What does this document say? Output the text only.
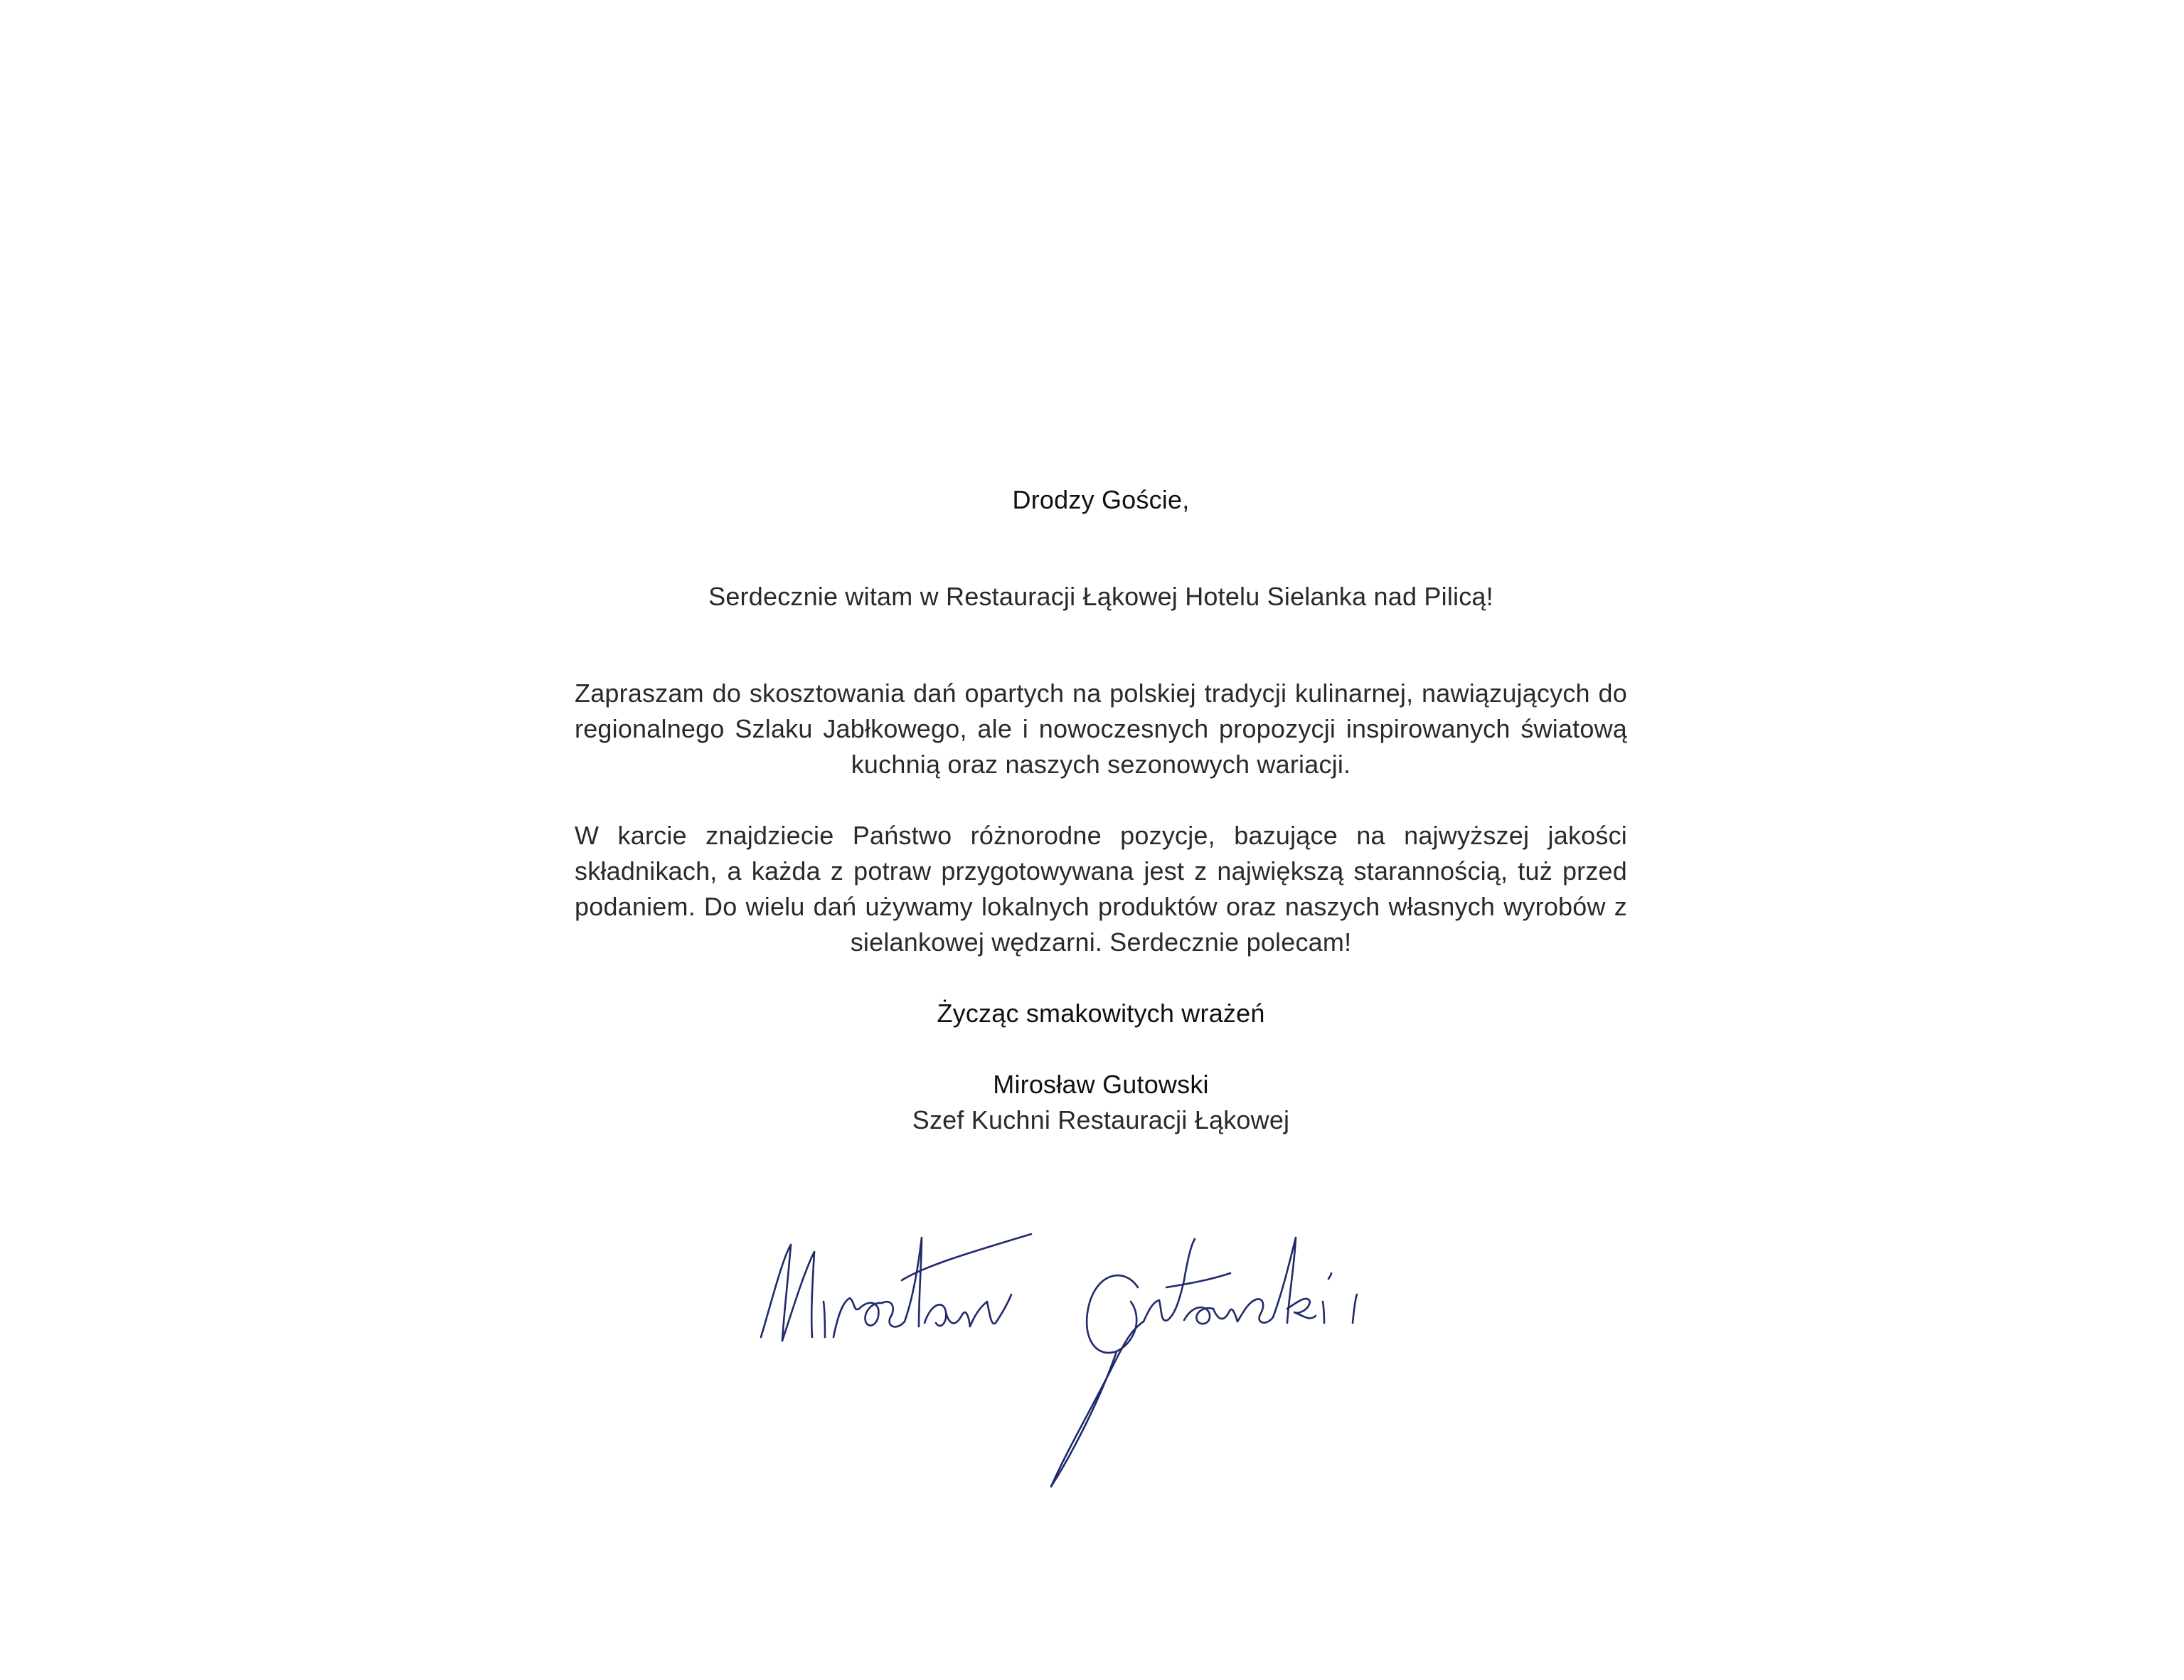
Drodzy Goście,

Serdecznie witam w Restauracji Łąkowej Hotelu Sielanka nad Pilicą!

Zapraszam do skosztowania dań opartych na polskiej tradycji kulinarnej, nawiązujących do regionalnego Szlaku Jabłkowego, ale i nowoczesnych propozycji inspirowanych światową kuchnią oraz naszych sezonowych wariacji.

W karcie znajdziecie Państwo różnorodne pozycje, bazujące na najwyższej jakości składnikach, a każda z potraw przygotowywana jest z największą starannością, tuż przed podaniem. Do wielu dań używamy lokalnych produktów oraz naszych własnych wyrobów z sielankowej wędzarni. Serdecznie polecam!

Życząc smakowitych wrażeń

Mirosław Gutowski

Szef Kuchni Restauracji Łąkowej
